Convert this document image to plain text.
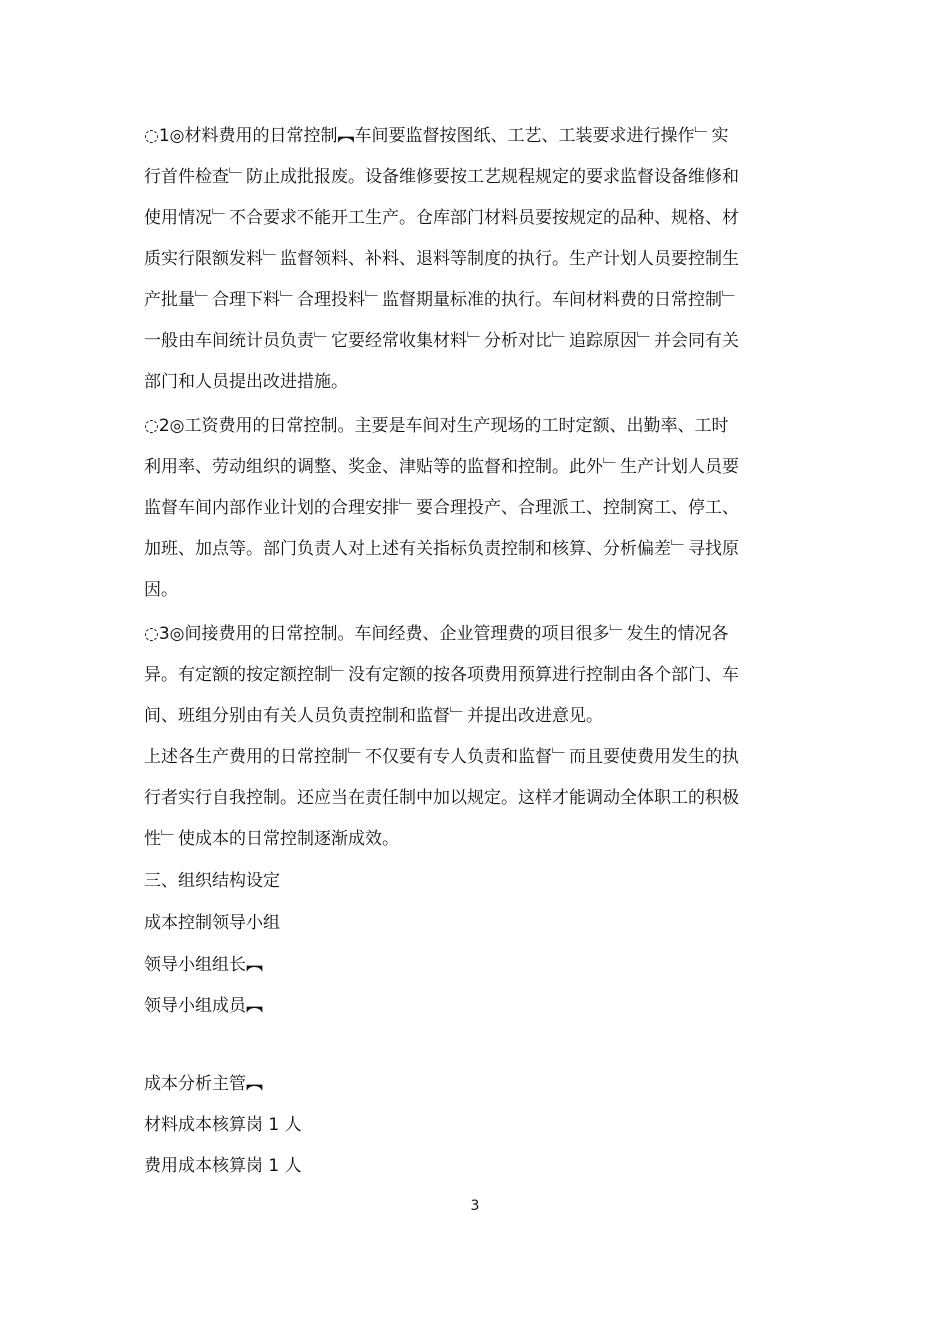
◌1◎材料费用的日常控制︻车间要监督按图纸、工艺、工装要求进行操作﹂实
行首件检查﹂防止成批报废。设备维修要按工艺规程规定的要求监督设备维修和
使用情况﹂不合要求不能开工生产。仓库部门材料员要按规定的品种、规格、材
质实行限额发料﹂监督领料、补料、退料等制度的执行。生产计划人员要控制生
产批量﹂合理下料﹂合理投料﹂监督期量标准的执行。车间材料费的日常控制﹂
一般由车间统计员负责﹂它要经常收集材料﹂分析对比﹂追踪原因﹂并会同有关
部门和人员提出改进措施。
◌2◎工资费用的日常控制。主要是车间对生产现场的工时定额、出勤率、工时
利用率、劳动组织的调整、奖金、津贴等的监督和控制。此外﹂生产计划人员要
监督车间内部作业计划的合理安排﹂要合理投产、合理派工、控制窝工、停工、
加班、加点等。部门负责人对上述有关指标负责控制和核算、分析偏差﹂寻找原
因。
◌3◎间接费用的日常控制。车间经费、企业管理费的项目很多﹂发生的情况各
异。有定额的按定额控制﹂没有定额的按各项费用预算进行控制由各个部门、车
间、班组分别由有关人员负责控制和监督﹂并提出改进意见。
上述各生产费用的日常控制﹂不仅要有专人负责和监督﹂而且要使费用发生的执
行者实行自我控制。还应当在责任制中加以规定。这样才能调动全体职工的积极
性﹂使成本的日常控制逐渐成效。
三、组织结构设定
成本控制领导小组
领导小组组长︻
领导小组成员︻
成本分析主管︻
材料成本核算岗 1 人
费用成本核算岗 1 人
3
